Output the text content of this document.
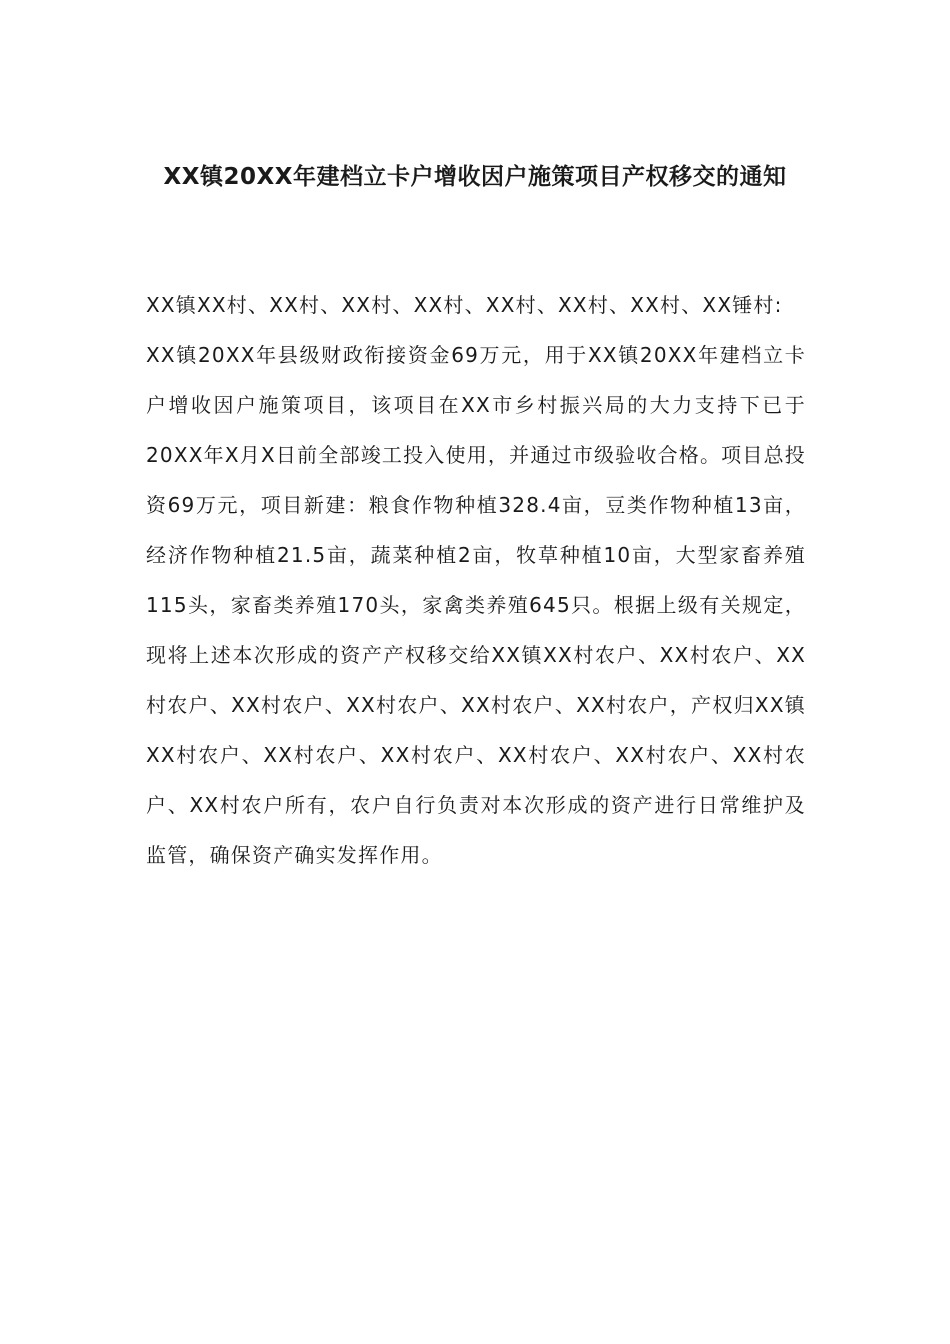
XX镇20XX年建档立卡户增收因户施策项目产权移交的通知
XX镇XX村、XX村、XX村、XX村、XX村、XX村、XX村、XX锤村:
XX镇20XX年县级财政衔接资金69万元，用于XX镇20XX年建档立卡户增收因户施策项目，该项目在XX市乡村振兴局的大力支持下已于20XX年X月X日前全部竣工投入使用，并通过市级验收合格。项目总投资69万元，项目新建：粮食作物种植328.4亩，豆类作物种植13亩，经济作物种植21.5亩，蔬菜种植2亩，牧草种植10亩，大型家畜养殖115头，家畜类养殖170头，家禽类养殖645只。根据上级有关规定，现将上述本次形成的资产产权移交给XX镇XX村农户、XX村农户、XX村农户、XX村农户、XX村农户、XX村农户、XX村农户，产权归XX镇XX村农户、XX村农户、XX村农户、XX村农户、XX村农户、XX村农户、XX村农户所有，农户自行负责对本次形成的资产进行日常维护及监管，确保资产确实发挥作用。
